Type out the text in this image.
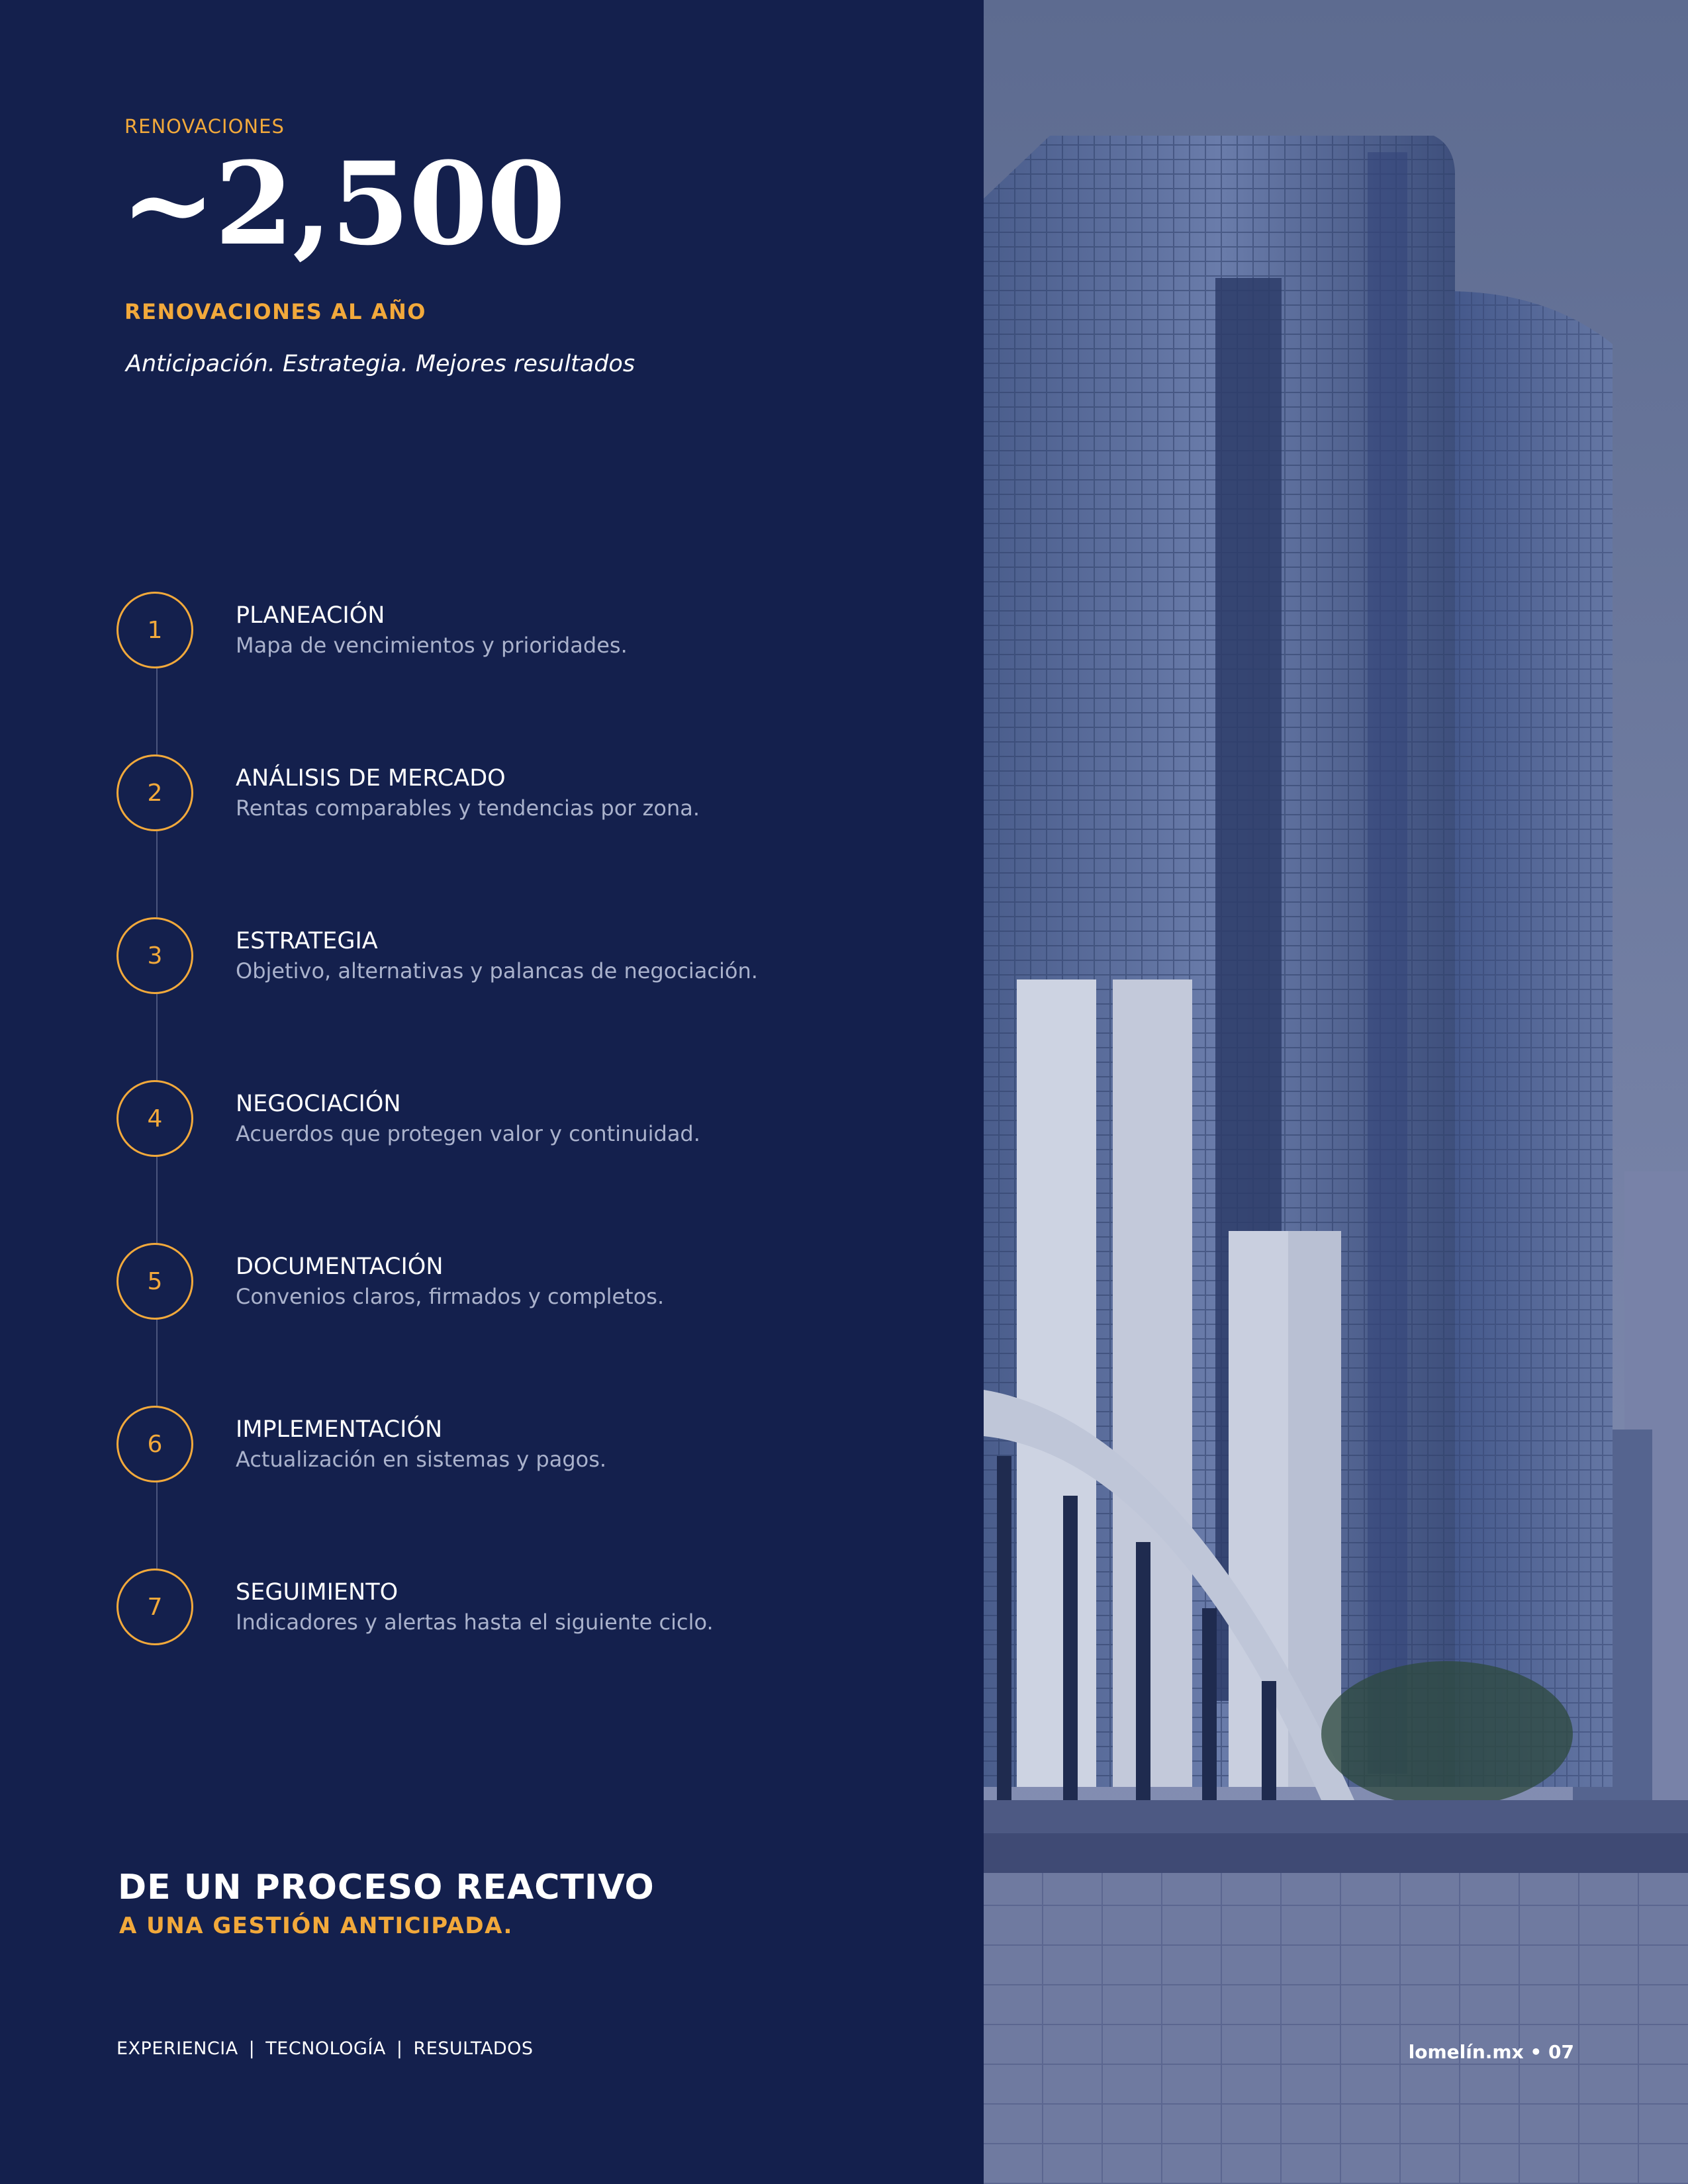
RENOVACIONES
~2,500
RENOVACIONES AL AÑO
Anticipación. Estrategia. Mejores resultados
1
PLANEACIÓN
Mapa de vencimientos y prioridades.
2
ANÁLISIS DE MERCADO
Rentas comparables y tendencias por zona.
3
ESTRATEGIA
Objetivo, alternativas y palancas de negociación.
4
NEGOCIACIÓN
Acuerdos que protegen valor y continuidad.
5
DOCUMENTACIÓN
Convenios claros, firmados y completos.
6
IMPLEMENTACIÓN
Actualización en sistemas y pagos.
7
SEGUIMIENTO
Indicadores y alertas hasta el siguiente ciclo.
DE UN PROCESO REACTIVO
A UNA GESTIÓN ANTICIPADA.
EXPERIENCIA | TECNOLOGÍA | RESULTADOS	lomelín.mx • 07
